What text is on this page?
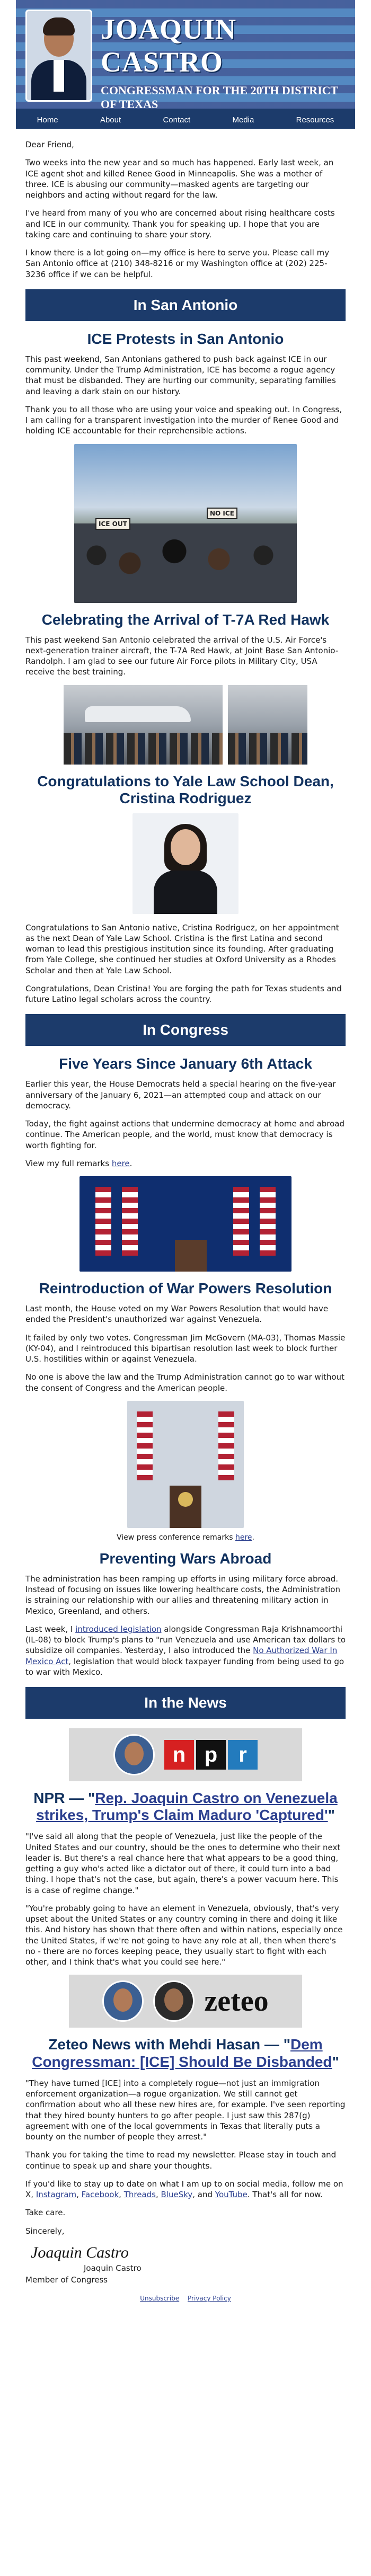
JOAQUIN CASTRO
CONGRESSMAN FOR THE 20TH DISTRICT OF TEXAS
Home	About	Contact	Media	Resources

Dear Friend,

Two weeks into the new year and so much has happened. Early last week, an ICE agent shot and killed Renee Good in Minneapolis. She was a mother of three. ICE is abusing our community—masked agents are targeting our neighbors and acting without regard for the law.

I've heard from many of you who are concerned about rising healthcare costs and ICE in our community. Thank you for speaking up. I hope that you are taking care and continuing to share your story.

I know there is a lot going on—my office is here to serve you. Please call my San Antonio office at (210) 348-8216 or my Washington office at (202) 225-3236 office if we can be helpful.

In San Antonio
ICE Protests in San Antonio

This past weekend, San Antonians gathered to push back against ICE in our community. Under the Trump Administration, ICE has become a rogue agency that must be disbanded. They are hurting our community, separating families and leaving a dark stain on our history.

Thank you to all those who are using your voice and speaking out. In Congress, I am calling for a transparent investigation into the murder of Renee Good and holding ICE accountable for their reprehensible actions.

ICE OUT
NO ICE
Celebrating the Arrival of T-7A Red Hawk

This past weekend San Antonio celebrated the arrival of the U.S. Air Force's next-generation trainer aircraft, the T-7A Red Hawk, at Joint Base San Antonio-Randolph. I am glad to see our future Air Force pilots in Military City, USA receive the best training.

Congratulations to Yale Law School Dean, Cristina Rodriguez

Congratulations to San Antonio native, Cristina Rodriguez, on her appointment as the next Dean of Yale Law School. Cristina is the first Latina and second woman to lead this prestigious institution since its founding. After graduating from Yale College, she continued her studies at Oxford University as a Rhodes Scholar and then at Yale Law School.

Congratulations, Dean Cristina! You are forging the path for Texas students and future Latino legal scholars across the country.

In Congress
Five Years Since January 6th Attack

Earlier this year, the House Democrats held a special hearing on the five-year anniversary of the January 6, 2021—an attempted coup and attack on our democracy.

Today, the fight against actions that undermine democracy at home and abroad continue. The American people, and the world, must know that democracy is worth fighting for.

View my full remarks here.

Reintroduction of War Powers Resolution

Last month, the House voted on my War Powers Resolution that would have ended the President's unauthorized war against Venezuela.

It failed by only two votes. Congressman Jim McGovern (MA-03), Thomas Massie (KY-04), and I reintroduced this bipartisan resolution last week to block further U.S. hostilities within or against Venezuela.

No one is above the law and the Trump Administration cannot go to war without the consent of Congress and the American people.

View press conference remarks here.
Preventing Wars Abroad

The administration has been ramping up efforts in using military force abroad. Instead of focusing on issues like lowering healthcare costs, the Administration is straining our relationship with our allies and threatening military action in Mexico, Greenland, and others.

Last week, I introduced legislation alongside Congressman Raja Krishnamoorthi (IL-08) to block Trump's plans to "run Venezuela and use American tax dollars to subsidize oil companies. Yesterday, I also introduced the No Authorized War In Mexico Act, legislation that would block taxpayer funding from being used to go to war with Mexico.

In the News
n p r
NPR — "Rep. Joaquin Castro on Venezuela strikes, Trump's Claim Maduro 'Captured'"

"I've said all along that the people of Venezuela, just like the people of the United States and our country, should be the ones to determine who their next leader is. But there's a real chance here that what appears to be a good thing, getting a guy who's acted like a dictator out of there, it could turn into a bad thing. I hope that's not the case, but again, there's a power vacuum here. This is a case of regime change."

"You're probably going to have an element in Venezuela, obviously, that's very upset about the United States or any country coming in there and doing it like this. And history has shown that there often and within nations, especially once the United States, if we're not going to have any role at all, then when there's no - there are no forces keeping peace, they usually start to fight with each other, and I think that's what you could see here."

zeteo
Zeteo News with Mehdi Hasan — "Dem Congressman: [ICE] Should Be Disbanded"

"They have turned [ICE] into a completely rogue—not just an immigration enforcement organization—a rogue organization. We still cannot get confirmation about who all these new hires are, for example. I've seen reporting that they hired bounty hunters to go after people. I just saw this 287(g) agreement with one of the local governments in Texas that literally puts a bounty on the number of people they arrest."

Thank you for taking the time to read my newsletter. Please stay in touch and continue to speak up and share your thoughts.

If you'd like to stay up to date on what I am up to on social media, follow me on X, Instagram, Facebook, Threads, BlueSky, and YouTube. That's all for now.

Take care.

Sincerely,

Joaquin Castro

Joaquin Castro

Member of Congress

Unsubscribe Privacy Policy
